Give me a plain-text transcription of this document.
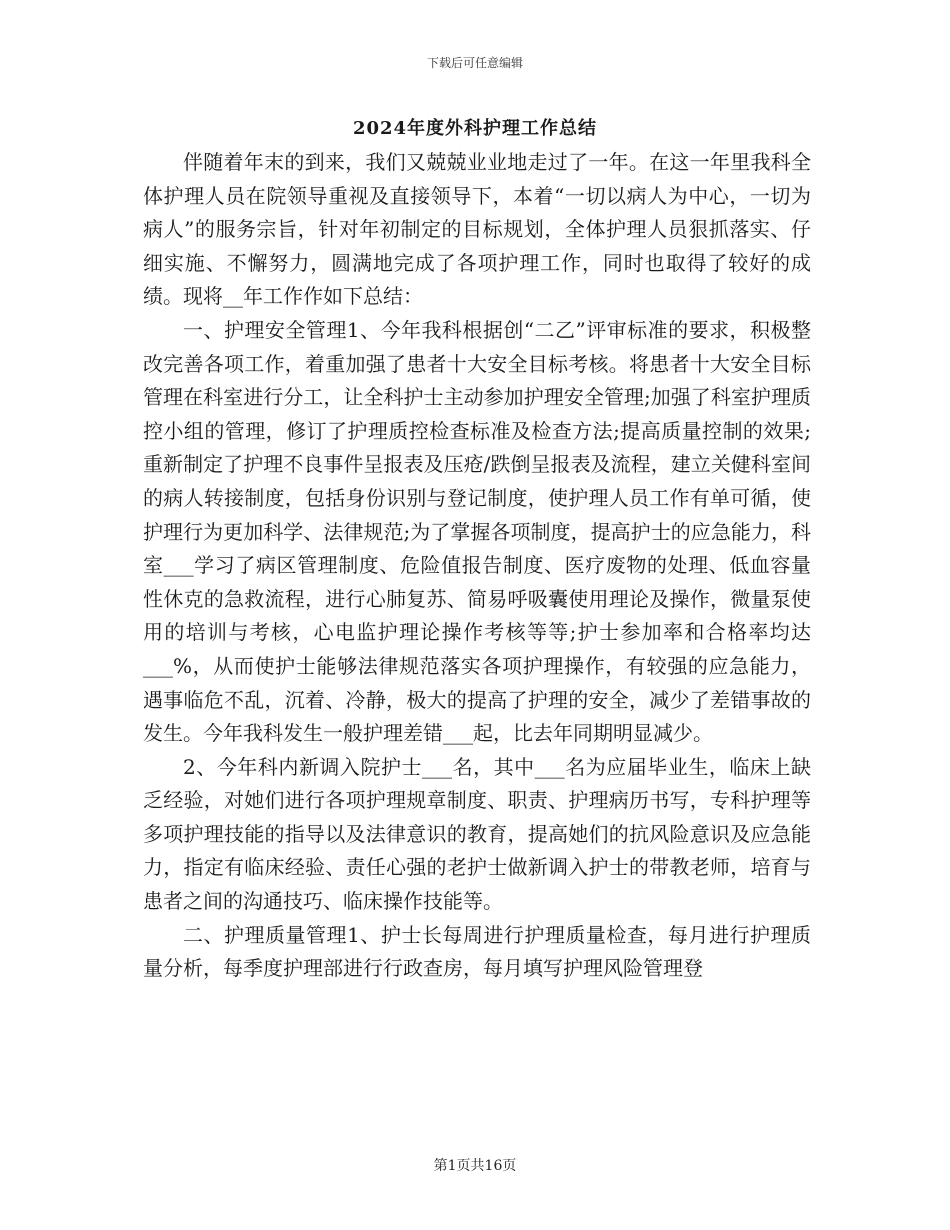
下载后可任意编辑
2024年度外科护理工作总结

伴随着年末的到来，我们又兢兢业业地走过了一年。在这一年里我科全体护理人员在院领导重视及直接领导下，本着“一切以病人为中心，一切为病人”的服务宗旨，针对年初制定的目标规划，全体护理人员狠抓落实、仔细实施、不懈努力，圆满地完成了各项护理工作，同时也取得了较好的成绩。现将__年工作作如下总结：

一、护理安全管理1、今年我科根据创“二乙”评审标准的要求，积极整改完善各项工作，着重加强了患者十大安全目标考核。将患者十大安全目标管理在科室进行分工，让全科护士主动参加护理安全管理;加强了科室护理质控小组的管理，修订了护理质控检查标准及检查方法;提高质量控制的效果;重新制定了护理不良事件呈报表及压疮/跌倒呈报表及流程，建立关健科室间的病人转接制度，包括身份识别与登记制度，使护理人员工作有单可循，使护理行为更加科学、法律规范;为了掌握各项制度，提高护士的应急能力，科室___学习了病区管理制度、危险值报告制度、医疗废物的处理、低血容量性休克的急救流程，进行心肺复苏、简易呼吸囊使用理论及操作，微量泵使用的培训与考核，心电监护理论操作考核等等;护士参加率和合格率均达___%，从而使护士能够法律规范落实各项护理操作，有较强的应急能力，遇事临危不乱，沉着、冷静，极大的提高了护理的安全，减少了差错事故的发生。今年我科发生一般护理差错___起，比去年同期明显减少。

2、今年科内新调入院护士___名，其中___名为应届毕业生，临床上缺乏经验，对她们进行各项护理规章制度、职责、护理病历书写，专科护理等多项护理技能的指导以及法律意识的教育，提高她们的抗风险意识及应急能力，指定有临床经验、责任心强的老护士做新调入护士的带教老师，培育与患者之间的沟通技巧、临床操作技能等。

二、护理质量管理1、护士长每周进行护理质量检查，每月进行护理质量分析，每季度护理部进行行政查房，每月填写护理风险管理登

第1页共16页
